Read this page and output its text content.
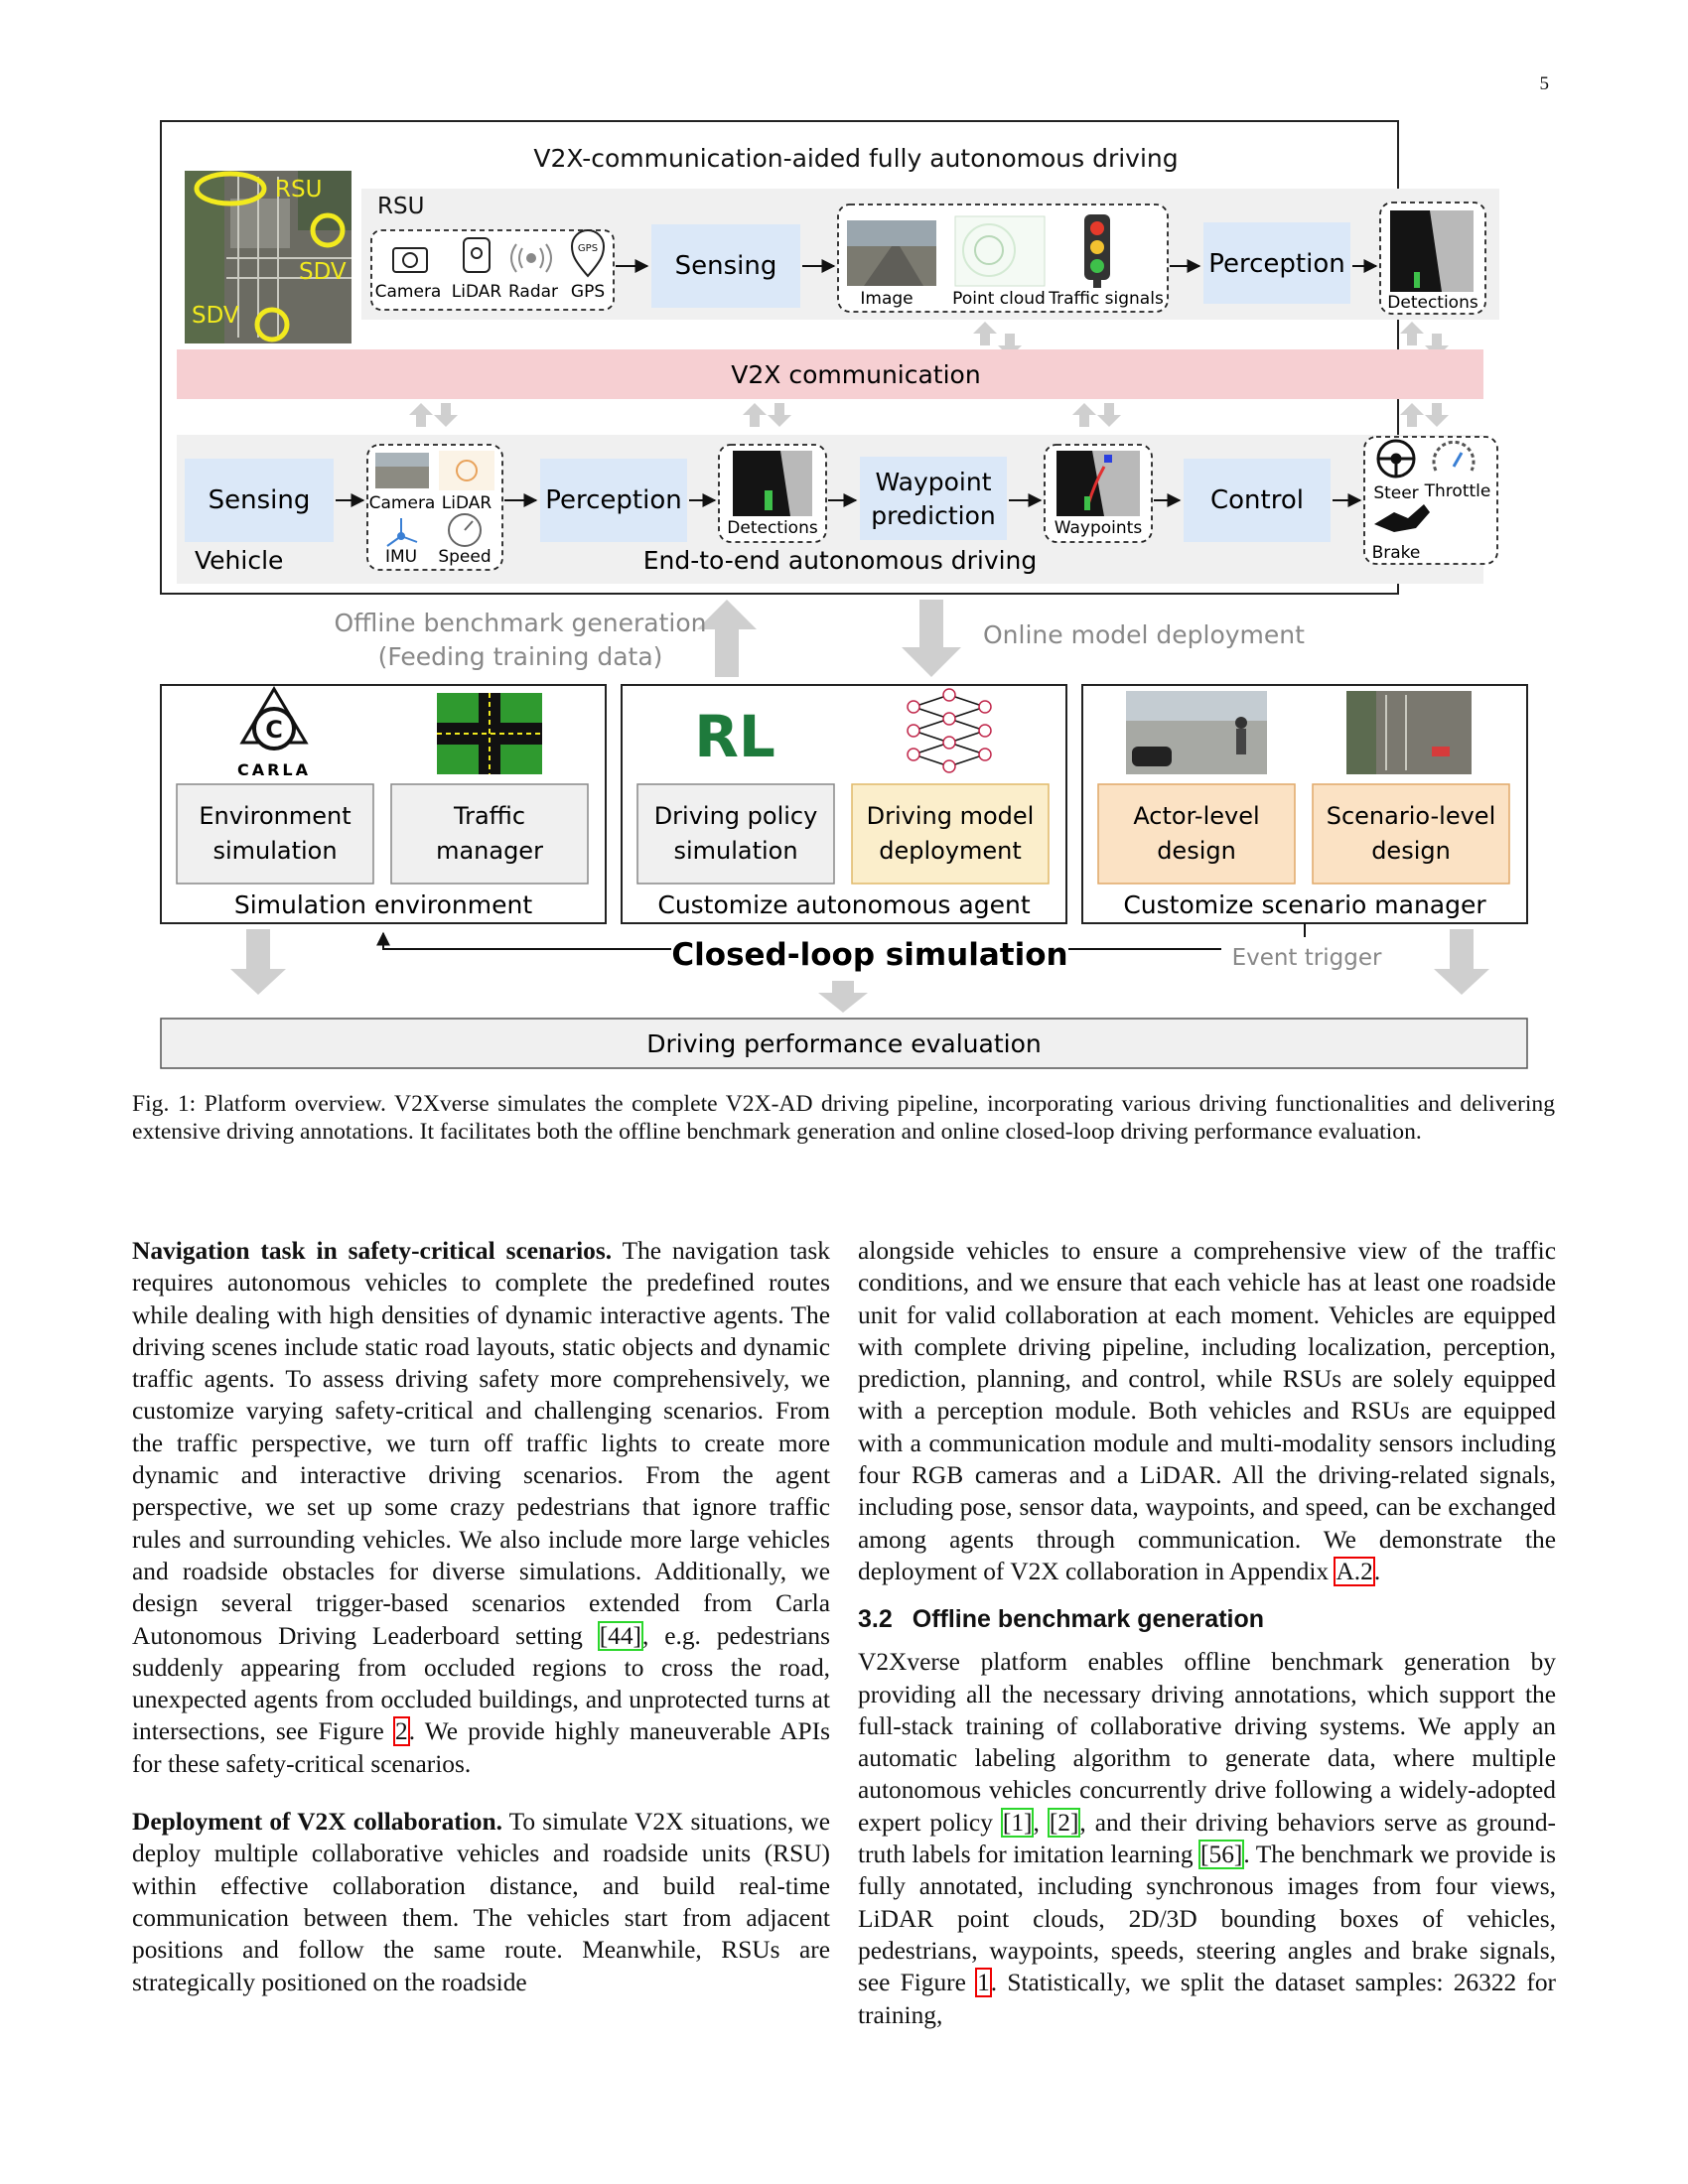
5
V2X-communication-aided fully autonomous driving
RSU
SDV
SDV
RSU
GPS
Camera LiDAR Radar GPS
Sensing
Image Point cloud Traffic signals
Perception
Detections
V2X communication
Sensing
Vehicle
Camera LiDAR
IMU Speed
Perception
Detections
Waypoint
prediction	Waypoints
Control	Steer Throttle
Brake
End-to-end autonomous driving
Offline benchmark generation
(Feeding training data)
Online model deployment
C
CARLA
Environment
simulation
Traffic
manager
Simulation environment
RL
Driving policy
simulation
Driving model
deployment
Customize autonomous agent
Actor-level
design
Scenario-level
design
Customize scenario manager
Closed-loop simulation	Event trigger
Driving performance evaluation
Fig. 1: Platform overview. V2Xverse simulates the complete V2X-AD driving pipeline, incorporating various driving functionalities and delivering extensive driving annotations. It facilitates both the offline benchmark generation and online closed-loop driving performance evaluation.

Navigation task in safety-critical scenarios. The navigation task requires autonomous vehicles to complete the predefined routes while dealing with high densities of dynamic interactive agents. The driving scenes include static road layouts, static objects and dynamic traffic agents. To assess driving safety more comprehensively, we customize varying safety-critical and challenging scenarios. From the traffic perspective, we turn off traffic lights to create more dynamic and interactive driving scenarios. From the agent perspective, we set up some crazy pedestrians that ignore traffic rules and surrounding vehicles. We also include more large vehicles and roadside obstacles for diverse simulations. Additionally, we design several trigger-based scenarios extended from Carla Autonomous Driving Leaderboard setting [44], e.g. pedestrians suddenly appearing from occluded regions to cross the road, unexpected agents from occluded buildings, and unprotected turns at intersections, see Figure 2. We provide highly maneuverable APIs for these safety-critical scenarios.

Deployment of V2X collaboration. To simulate V2X situations, we deploy multiple collaborative vehicles and roadside units (RSU) within effective collaboration distance, and build real-time communication between them. The vehicles start from adjacent positions and follow the same route. Meanwhile, RSUs are strategically positioned on the roadside

alongside vehicles to ensure a comprehensive view of the traffic conditions, and we ensure that each vehicle has at least one roadside unit for valid collaboration at each moment. Vehicles are equipped with complete driving pipeline, including localization, perception, prediction, planning, and control, while RSUs are solely equipped with a perception module. Both vehicles and RSUs are equipped with a communication module and multi-modality sensors including four RGB cameras and a LiDAR. All the driving-related signals, including pose, sensor data, waypoints, and speed, can be exchanged among agents through communication. We demonstrate the deployment of V2X collaboration in Appendix A.2.

3.2 Offline benchmark generation

V2Xverse platform enables offline benchmark generation by providing all the necessary driving annotations, which support the full-stack training of collaborative driving systems. We apply an automatic labeling algorithm to generate data, where multiple autonomous vehicles concurrently drive following a widely-adopted expert policy [1], [2], and their driving behaviors serve as ground-truth labels for imitation learning [56]. The benchmark we provide is fully annotated, including synchronous images from four views, LiDAR point clouds, 2D/3D bounding boxes of vehicles, pedestrians, waypoints, speeds, steering angles and brake signals, see Figure 1. Statistically, we split the dataset samples: 26322 for training,
